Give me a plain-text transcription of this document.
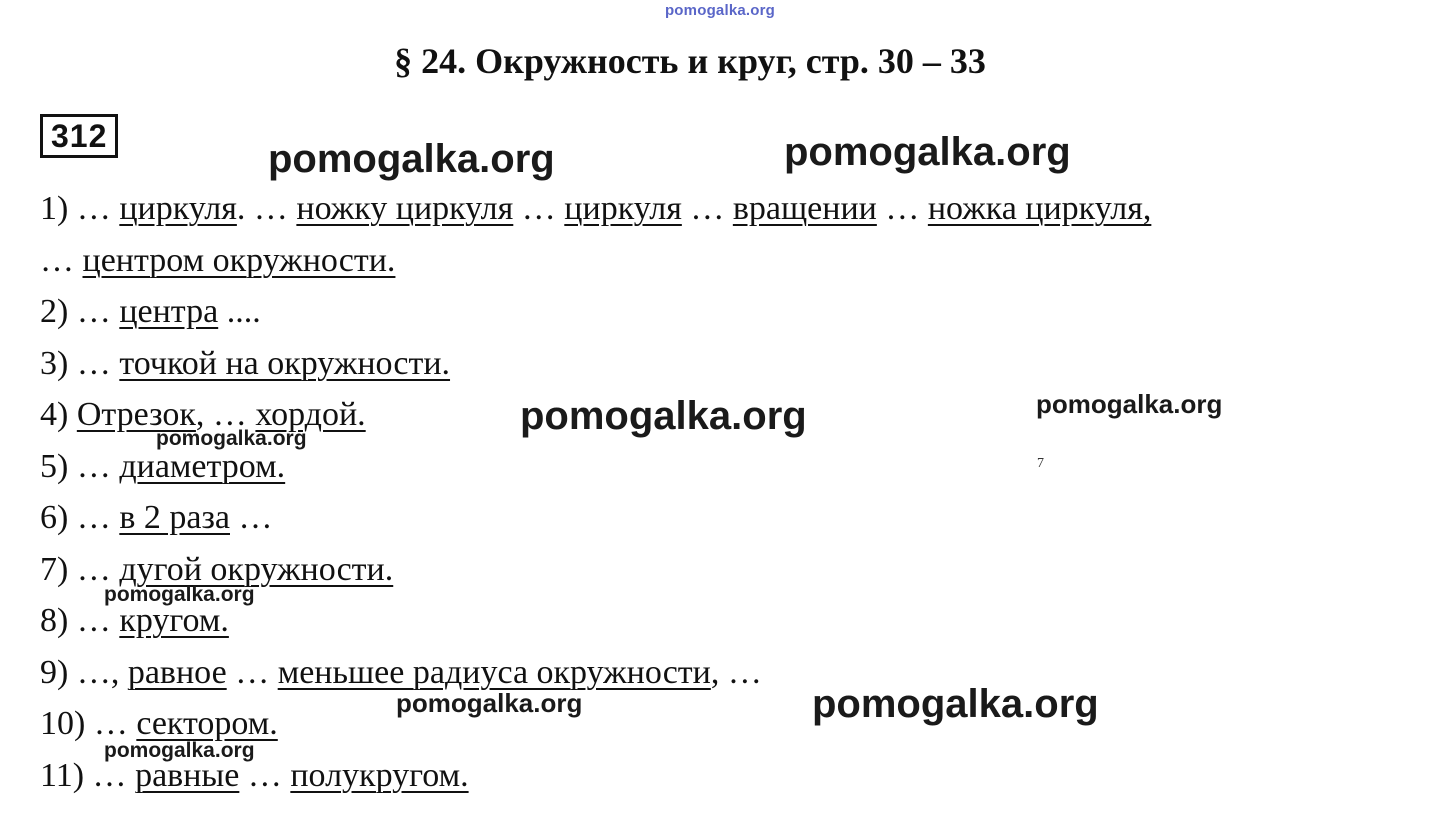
pomogalka.org
§ 24. Окружность и круг, стр. 30 – 33
312
1) … циркуля. … ножку циркуля … циркуля … вращении … ножка циркуля,
… центром окружности.
2) … центра ....
3) … точкой на окружности.
4) Отрезок, … хордой.
5) … диаметром.
6) … в 2 раза …
7) … дугой окружности.
8) … кругом.
9) …, равное … меньшее радиуса окружности, …
10) … сектором.
11) … равные … полукругом.
pomogalka.org	pomogalka.org
pomogalka.org	pomogalka.org
pomogalka.org
pomogalka.org
pomogalka.org	pomogalka.org
pomogalka.org
7
